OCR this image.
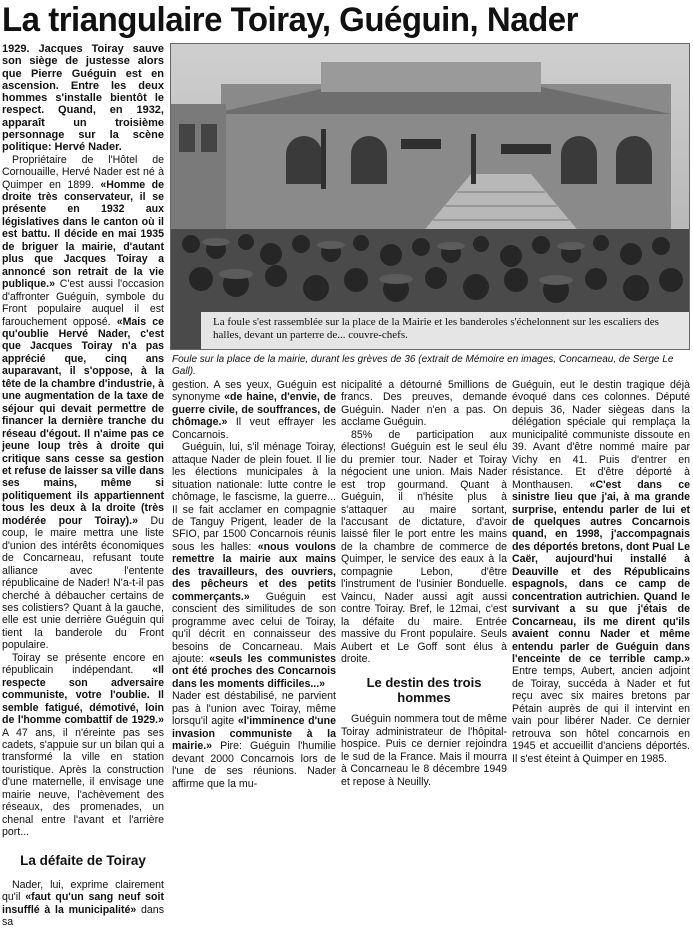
La triangulaire Toiray, Guéguin, Nader

1929. Jacques Toiray sauve son siège de justesse alors que Pierre Guéguin est en ascension. Entre les deux hommes s'installe bientôt le respect. Quand, en 1932, apparaît un troisième personnage sur la scène politique: Hervé Nader.

Propriétaire de l'Hôtel de Cornouaille, Hervé Nader est né à Quimper en 1899. «Homme de droite très conservateur, il se présente en 1932 aux législatives dans le canton où il est battu. Il décide en mai 1935 de briguer la mairie, d'autant plus que Jacques Toiray a annoncé son retrait de la vie publique.» C'est aussi l'occasion d'affronter Guéguin, symbole du Front populaire auquel il est farouchement opposé. «Mais ce qu'oublie Hervé Nader, c'est que Jacques Toiray n'a pas apprécié que, cinq ans auparavant, il s'oppose, à la tête de la chambre d'industrie, à une augmentation de la taxe de séjour qui devait permettre de financer la dernière tranche du réseau d'égout. Il n'aime pas ce jeune loup très à droite qui critique sans cesse sa gestion et refuse de laisser sa ville dans ses mains, même si politiquement ils appartiennent tous les deux à la droite (très modérée pour Toiray).» Du coup, le maire mettra une liste d'union des intérêts économiques de Concarneau, refusant toute alliance avec l'entente républicaine de Nader! N'a-t-il pas cherché à débaucher certains de ses colistiers? Quant à la gauche, elle est unie derrière Guéguin qui tient la banderole du Front populaire.

Toiray se présente encore en républicain indépendant. «Il respecte son adversaire communiste, votre l'oublie. Il semble fatigué, démotivé, loin de l'homme combattif de 1929.» A 47 ans, il n'éreinte pas ses cadets, s'appuie sur un bilan qui a transformé la ville en station touristique. Après la construction d'une maternelle, il envisage une mairie neuve, l'achèvement des réseaux, des promenades, un chenal entre l'avant et l'arrière port...

La défaite de Toiray

Nader, lui, exprime clairement qu'il «faut qu'un sang neuf soit insufflé à la municipalité» dans sa

La foule s'est rassemblée sur la place de la Mairie et les banderoles s'échelonnent sur les escaliers des halles, devant un parterre de... couvre-chefs.
Foule sur la place de la mairie, durant les grèves de 36 (extrait de Mémoire en images, Concarneau, de Serge Le Gall).

gestion. A ses yeux, Guéguin est synonyme «de haine, d'envie, de guerre civile, de souffrances, de chômage.» Il veut effrayer les Concarnois.

Guéguin, lui, s'il ménage Toiray, attaque Nader de plein fouet. Il lie les élections municipales à la situation nationale: lutte contre le chômage, le fascisme, la guerre... Il se fait acclamer en compagnie de Tanguy Prigent, leader de la SFIO, par 1500 Concarnois réunis sous les halles: «nous voulons remettre la mairie aux mains des travailleurs, des ouvriers, des pêcheurs et des petits commerçants.» Guéguin est conscient des similitudes de son programme avec celui de Toiray, qu'il décrit en connaisseur des besoins de Concarneau. Mais ajoute: «seuls les communistes ont été proches des Concarnois dans les moments difficiles...»

Nader est déstabilisé, ne parvient pas à l'union avec Toiray, même lorsqu'il agite «l'imminence d'une invasion communiste à la mairie.» Pire: Guéguin l'humilie devant 2000 Concarnois lors de l'une de ses réunions. Nader affirme que la mu-

nicipalité a détourné 5millions de francs. Des preuves, demande Guéguin. Nader n'en a pas. On acclame Guéguin.

85% de participation aux élections! Guéguin est le seul élu du premier tour. Nader et Toiray négocient une union. Mais Nader est trop gourmand. Quant à Guéguin, il n'hésite plus à s'attaquer au maire sortant, l'accusant de dictature, d'avoir laissé filer le port entre les mains de la chambre de commerce de Quimper, le service des eaux à la compagnie Lebon, d'être l'instrument de l'usinier Bonduelle. Vaincu, Nader aussi agit aussi contre Toiray. Bref, le 12mai, c'est la défaite du maire. Entrée massive du Front populaire. Seuls Aubert et Le Goff sont élus à droite.

Le destin des trois hommes

Guéguin nommera tout de même Toiray administrateur de l'hôpital-hospice. Puis ce dernier rejoindra le sud de la France. Mais il mourra à Concarneau le 8 décembre 1949 et repose à Neuilly.

Guéguin, eut le destin tragique déjà évoqué dans ces colonnes. Député depuis 36, Nader siègeas dans la délégation spéciale qui remplaça la municipalité communiste dissoute en 39. Avant d'être nommé maire par Vichy en 41. Puis d'entrer en résistance. Et d'être déporté à Monthausen. «C'est dans ce sinistre lieu que j'ai, à ma grande surprise, entendu parler de lui et de quelques autres Concarnois quand, en 1998, j'accompagnais des déportés bretons, dont Pual Le Caër, aujourd'hui installé à Deauville et des Républicains espagnols, dans ce camp de concentration autrichien. Quand le survivant a su que j'étais de Concarneau, ils me dirent qu'ils avaient connu Nader et même entendu parler de Guéguin dans l'enceinte de ce terrible camp.» Entre temps, Aubert, ancien adjoint de Toiray, succéda à Nader et fut reçu avec six maires bretons par Pétain auprès de qui il intervint en vain pour libérer Nader. Ce dernier retrouva son hôtel concarnois en 1945 et accueillit d'anciens déportés. Il s'est éteint à Quimper en 1985.
